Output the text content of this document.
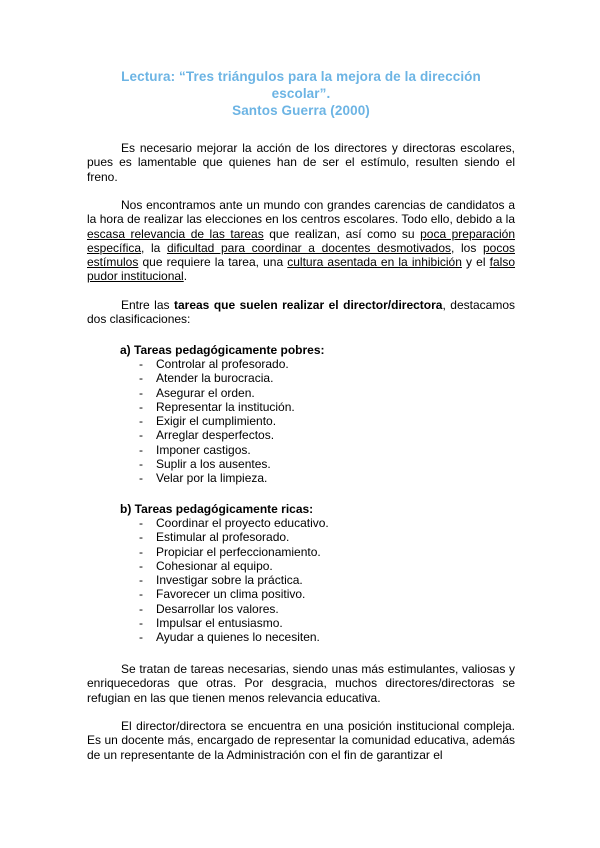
Lectura: “Tres triángulos para la mejora de la dirección
escolar”.
Santos Guerra (2000)

Es necesario mejorar la acción de los directores y directoras escolares, pues es lamentable que quienes han de ser el estímulo, resulten siendo el freno.

Nos encontramos ante un mundo con grandes carencias de candidatos a la hora de realizar las elecciones en los centros escolares. Todo ello, debido a la escasa relevancia de las tareas que realizan, así como su poca preparación específica, la dificultad para coordinar a docentes desmotivados, los pocos estímulos que requiere la tarea, una cultura asentada en la inhibición y el falso pudor institucional.

Entre las tareas que suelen realizar el director/directora, destacamos dos clasificaciones:

a) Tareas pedagógicamente pobres:
- Controlar al profesorado.
- Atender la burocracia.
- Asegurar el orden.
- Representar la institución.
- Exigir el cumplimiento.
- Arreglar desperfectos.
- Imponer castigos.
- Suplir a los ausentes.
- Velar por la limpieza.
b) Tareas pedagógicamente ricas:
- Coordinar el proyecto educativo.
- Estimular al profesorado.
- Propiciar el perfeccionamiento.
- Cohesionar al equipo.
- Investigar sobre la práctica.
- Favorecer un clima positivo.
- Desarrollar los valores.
- Impulsar el entusiasmo.
- Ayudar a quienes lo necesiten.

Se tratan de tareas necesarias, siendo unas más estimulantes, valiosas y enriquecedoras que otras. Por desgracia, muchos directores/directoras se refugian en las que tienen menos relevancia educativa.

El director/directora se encuentra en una posición institucional compleja. Es un docente más, encargado de representar la comunidad educativa, además de un representante de la Administración con el fin de garantizar el
